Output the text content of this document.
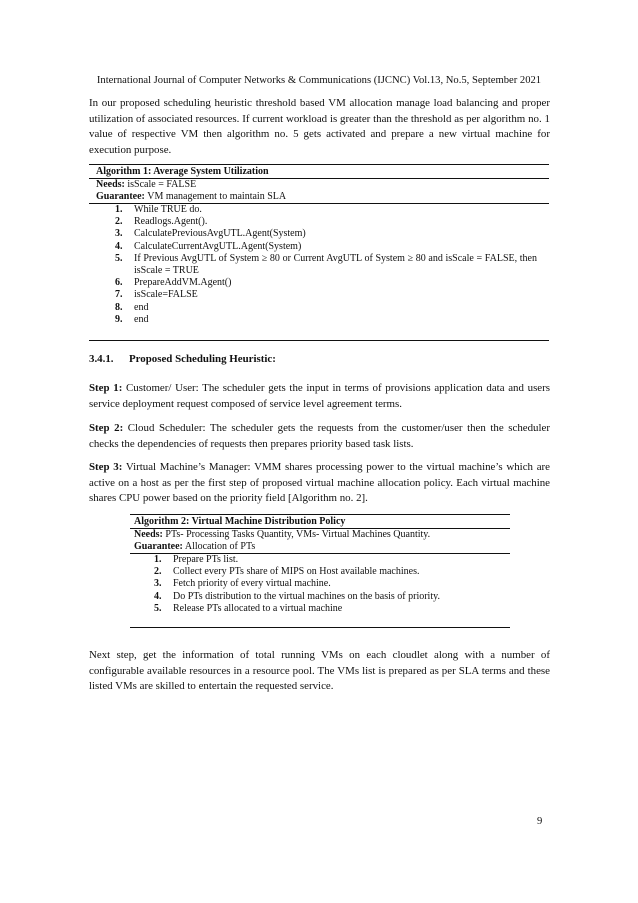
International Journal of Computer Networks & Communications (IJCNC) Vol.13, No.5, September 2021

In our proposed scheduling heuristic threshold based VM allocation manage load balancing and proper utilization of associated resources. If current workload is greater than the threshold as per algorithm no. 1 value of respective VM then algorithm no. 5 gets activated and prepare a new virtual machine for execution purpose.

Algorithm 1: Average System Utilization
Needs: isScale = FALSE
Guarantee: VM management to maintain SLA
1. While TRUE do.
2. Readlogs.Agent().
3. CalculatePreviousAvgUTL.Agent(System)
4. CalculateCurrentAvgUTL.Agent(System)
5. If Previous AvgUTL of System ≥ 80 or Current AvgUTL of System ≥ 80 and isScale = FALSE, then isScale = TRUE
6. PrepareAddVM.Agent()
7. isScale=FALSE
8. end
9. end
3.4.1. Proposed Scheduling Heuristic:

Step 1: Customer/ User: The scheduler gets the input in terms of provisions application data and users service deployment request composed of service level agreement terms.

Step 2: Cloud Scheduler: The scheduler gets the requests from the customer/user then the scheduler checks the dependencies of requests then prepares priority based task lists.

Step 3: Virtual Machine’s Manager: VMM shares processing power to the virtual machine’s which are active on a host as per the first step of proposed virtual machine allocation policy. Each virtual machine shares CPU power based on the priority field [Algorithm no. 2].

Algorithm 2: Virtual Machine Distribution Policy
Needs: PTs- Processing Tasks Quantity, VMs- Virtual Machines Quantity.
Guarantee: Allocation of PTs
1. Prepare PTs list.
2. Collect every PTs share of MIPS on Host available machines.
3. Fetch priority of every virtual machine.
4. Do PTs distribution to the virtual machines on the basis of priority.
5. Release PTs allocated to a virtual machine

Next step, get the information of total running VMs on each cloudlet along with a number of configurable available resources in a resource pool. The VMs list is prepared as per SLA terms and these listed VMs are skilled to entertain the requested service.

9
